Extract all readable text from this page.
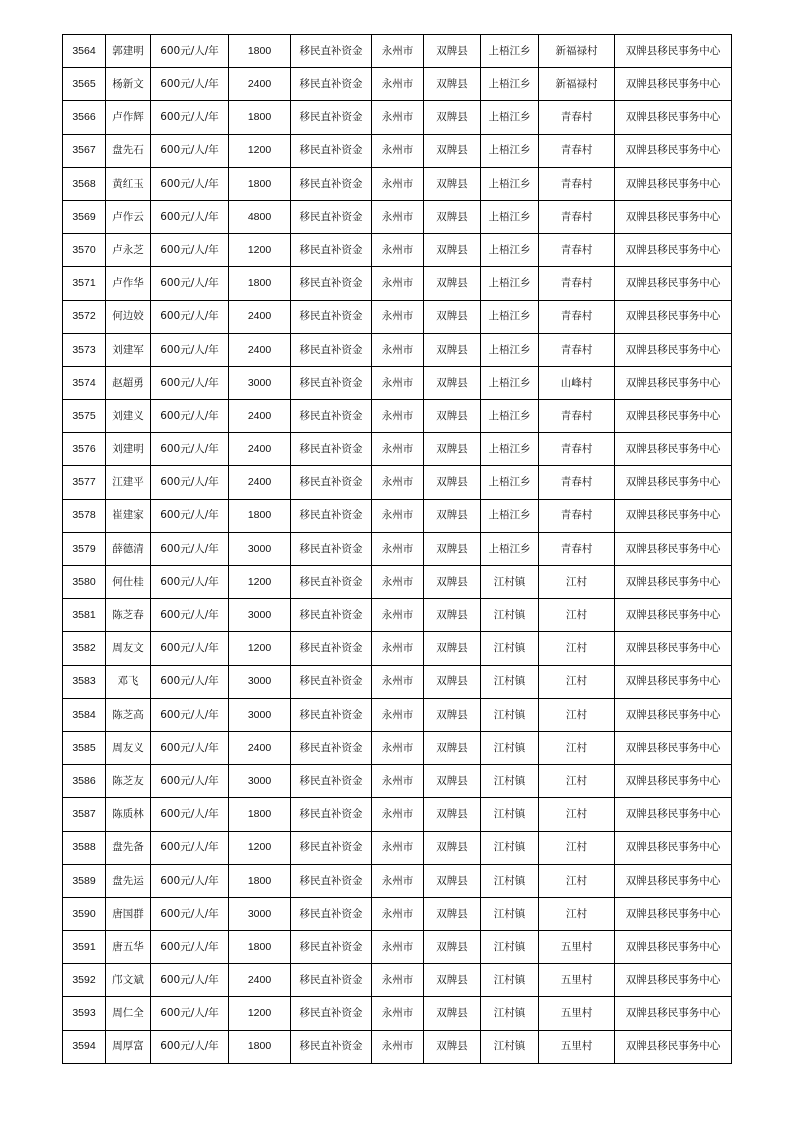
3564	郭建明	600元/人/年	1800	移民直补资金	永州市	双牌县	上梧江乡	新福禄村	双牌县移民事务中心
3565	杨新文	600元/人/年	2400	移民直补资金	永州市	双牌县	上梧江乡	新福禄村	双牌县移民事务中心
3566	卢作辉	600元/人/年	1800	移民直补资金	永州市	双牌县	上梧江乡	青春村	双牌县移民事务中心
3567	盘先石	600元/人/年	1200	移民直补资金	永州市	双牌县	上梧江乡	青春村	双牌县移民事务中心
3568	黄红玉	600元/人/年	1800	移民直补资金	永州市	双牌县	上梧江乡	青春村	双牌县移民事务中心
3569	卢作云	600元/人/年	4800	移民直补资金	永州市	双牌县	上梧江乡	青春村	双牌县移民事务中心
3570	卢永芝	600元/人/年	1200	移民直补资金	永州市	双牌县	上梧江乡	青春村	双牌县移民事务中心
3571	卢作华	600元/人/年	1800	移民直补资金	永州市	双牌县	上梧江乡	青春村	双牌县移民事务中心
3572	何边姣	600元/人/年	2400	移民直补资金	永州市	双牌县	上梧江乡	青春村	双牌县移民事务中心
3573	刘建军	600元/人/年	2400	移民直补资金	永州市	双牌县	上梧江乡	青春村	双牌县移民事务中心
3574	赵超勇	600元/人/年	3000	移民直补资金	永州市	双牌县	上梧江乡	山峰村	双牌县移民事务中心
3575	刘建义	600元/人/年	2400	移民直补资金	永州市	双牌县	上梧江乡	青春村	双牌县移民事务中心
3576	刘建明	600元/人/年	2400	移民直补资金	永州市	双牌县	上梧江乡	青春村	双牌县移民事务中心
3577	江建平	600元/人/年	2400	移民直补资金	永州市	双牌县	上梧江乡	青春村	双牌县移民事务中心
3578	崔建家	600元/人/年	1800	移民直补资金	永州市	双牌县	上梧江乡	青春村	双牌县移民事务中心
3579	薛德清	600元/人/年	3000	移民直补资金	永州市	双牌县	上梧江乡	青春村	双牌县移民事务中心
3580	何仕桂	600元/人/年	1200	移民直补资金	永州市	双牌县	江村镇	江村	双牌县移民事务中心
3581	陈芝春	600元/人/年	3000	移民直补资金	永州市	双牌县	江村镇	江村	双牌县移民事务中心
3582	周友文	600元/人/年	1200	移民直补资金	永州市	双牌县	江村镇	江村	双牌县移民事务中心
3583	邓飞	600元/人/年	3000	移民直补资金	永州市	双牌县	江村镇	江村	双牌县移民事务中心
3584	陈芝高	600元/人/年	3000	移民直补资金	永州市	双牌县	江村镇	江村	双牌县移民事务中心
3585	周友义	600元/人/年	2400	移民直补资金	永州市	双牌县	江村镇	江村	双牌县移民事务中心
3586	陈芝友	600元/人/年	3000	移民直补资金	永州市	双牌县	江村镇	江村	双牌县移民事务中心
3587	陈质林	600元/人/年	1800	移民直补资金	永州市	双牌县	江村镇	江村	双牌县移民事务中心
3588	盘先备	600元/人/年	1200	移民直补资金	永州市	双牌县	江村镇	江村	双牌县移民事务中心
3589	盘先运	600元/人/年	1800	移民直补资金	永州市	双牌县	江村镇	江村	双牌县移民事务中心
3590	唐国群	600元/人/年	3000	移民直补资金	永州市	双牌县	江村镇	江村	双牌县移民事务中心
3591	唐五华	600元/人/年	1800	移民直补资金	永州市	双牌县	江村镇	五里村	双牌县移民事务中心
3592	邝文斌	600元/人/年	2400	移民直补资金	永州市	双牌县	江村镇	五里村	双牌县移民事务中心
3593	周仁全	600元/人/年	1200	移民直补资金	永州市	双牌县	江村镇	五里村	双牌县移民事务中心
3594	周厚富	600元/人/年	1800	移民直补资金	永州市	双牌县	江村镇	五里村	双牌县移民事务中心
